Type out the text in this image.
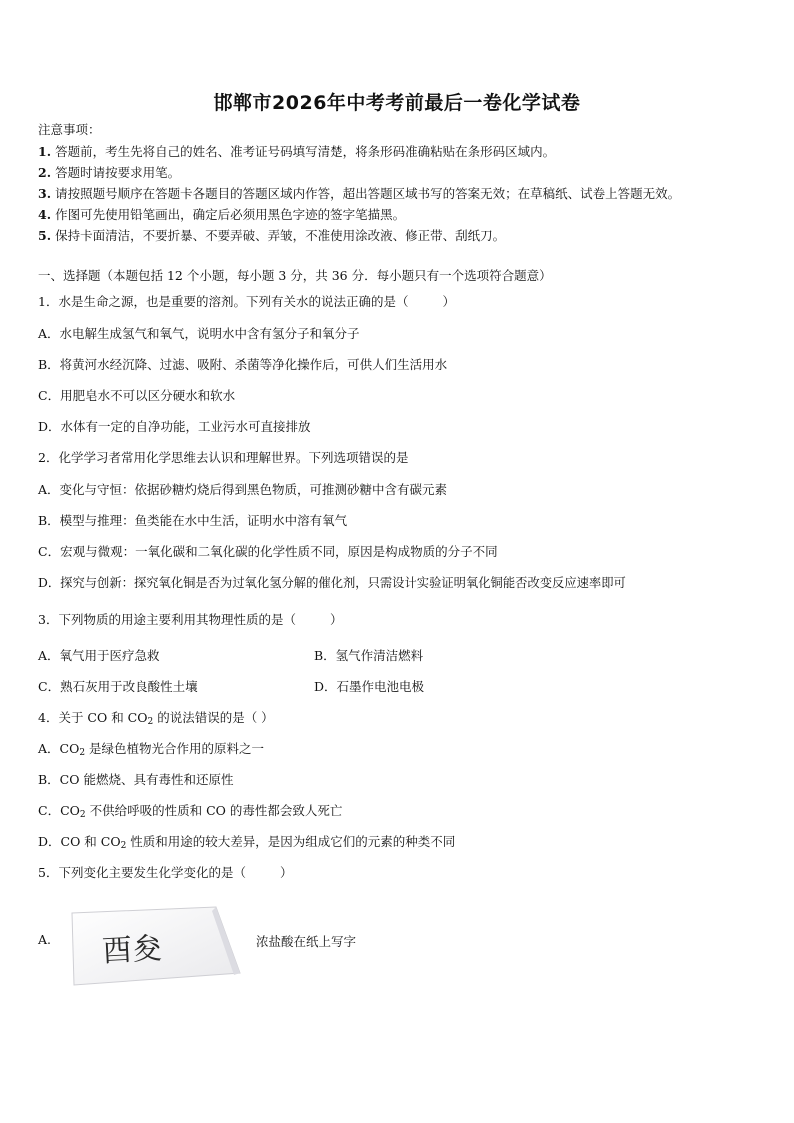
邯郸市2026年中考考前最后一卷化学试卷
注意事项：
1. 答题前，考生先将自己的姓名、准考证号码填写清楚，将条形码准确粘贴在条形码区域内。
2. 答题时请按要求用笔。
3. 请按照题号顺序在答题卡各题目的答题区域内作答，超出答题区域书写的答案无效；在草稿纸、试卷上答题无效。
4. 作图可先使用铅笔画出，确定后必须用黑色字迹的签字笔描黑。
5. 保持卡面清洁，不要折暴、不要弄破、弄皱，不准使用涂改液、修正带、刮纸刀。
一、选择题（本题包括 12 个小题，每小题 3 分，共 36 分．每小题只有一个选项符合题意）
1．水是生命之源，也是重要的溶剂。下列有关水的说法正确的是（	）
A．水电解生成氢气和氧气，说明水中含有氢分子和氧分子
B．将黄河水经沉降、过滤、吸附、杀菌等净化操作后，可供人们生活用水
C．用肥皂水不可以区分硬水和软水
D．水体有一定的自净功能，工业污水可直接排放
2．化学学习者常用化学思维去认识和理解世界。下列选项错误的是
A．变化与守恒：依据砂糖灼烧后得到黑色物质，可推测砂糖中含有碳元素
B．模型与推理：鱼类能在水中生活，证明水中溶有氧气
C．宏观与微观：一氧化碳和二氧化碳的化学性质不同，原因是构成物质的分子不同
D．探究与创新：探究氧化铜是否为过氧化氢分解的催化剂，只需设计实验证明氧化铜能否改变反应速率即可
3．下列物质的用途主要利用其物理性质的是（	）
A．氧气用于医疗急救	B．氢气作清洁燃料
C．熟石灰用于改良酸性土壤	D．石墨作电池电极
4．关于 CO 和 $CO_2$ 的说法错误的是（ ）
A．$CO_2$ 是绿色植物光合作用的原料之一
B．CO 能燃烧、具有毒性和还原性
C．$CO_2$ 不供给呼吸的性质和 CO 的毒性都会致人死亡
D．CO 和 $CO_2$ 性质和用途的较大差异，是因为组成它们的元素的种类不同
5．下列变化主要发生化学变化的是（	）
A. 酉夋	浓盐酸在纸上写字
